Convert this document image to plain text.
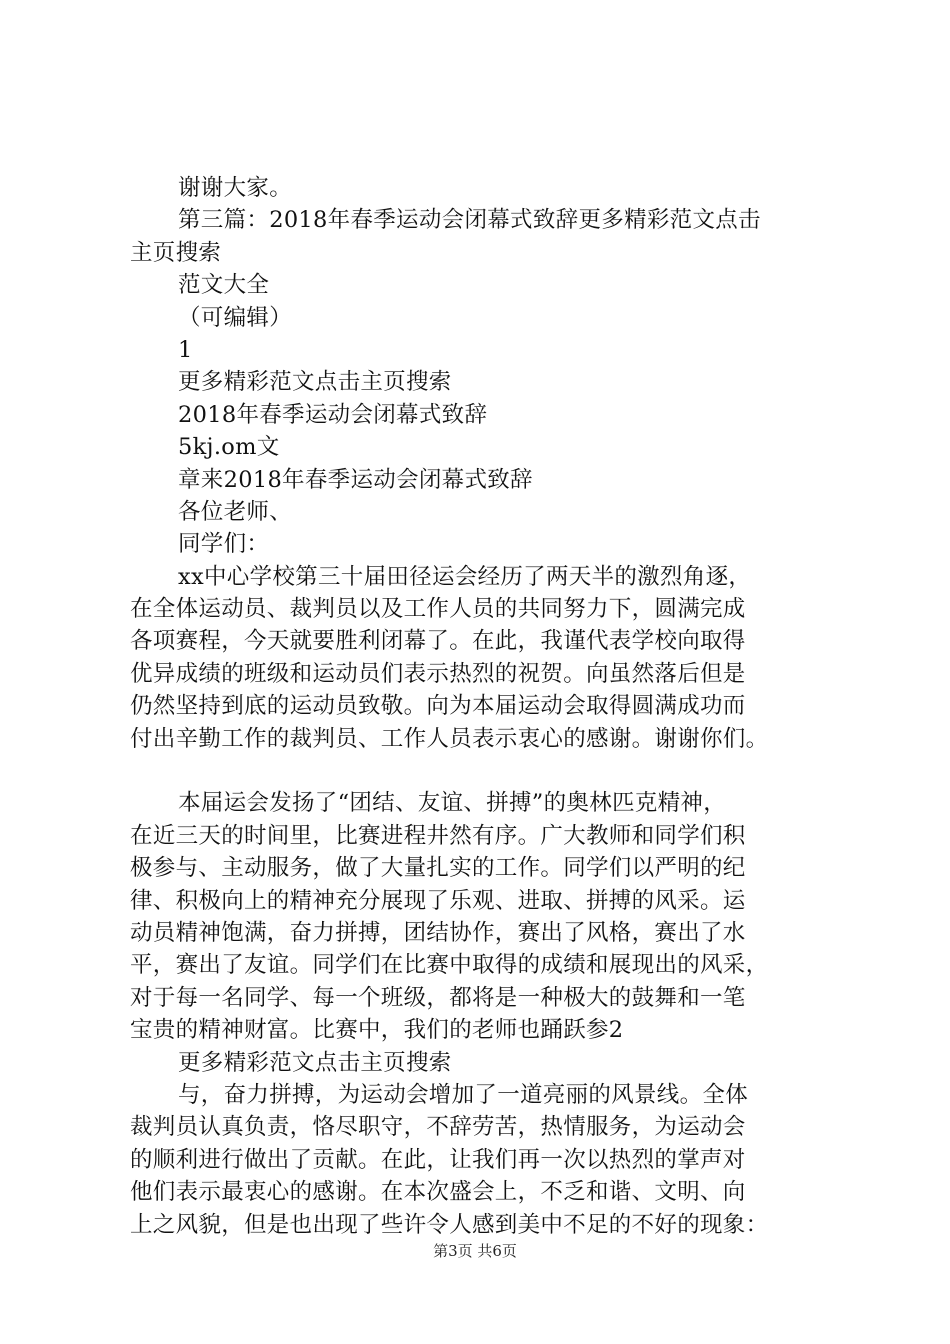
谢谢大家。
第三篇：2018年春季运动会闭幕式致辞更多精彩范文点击
主页搜索
范文大全
（可编辑）
1
更多精彩范文点击主页搜索
2018年春季运动会闭幕式致辞
5kj.om文
章来2018年春季运动会闭幕式致辞
各位老师、
同学们：
xx中心学校第三十届田径运会经历了两天半的激烈角逐，
在全体运动员、裁判员以及工作人员的共同努力下，圆满完成
各项赛程，今天就要胜利闭幕了。在此，我谨代表学校向取得
优异成绩的班级和运动员们表示热烈的祝贺。向虽然落后但是
仍然坚持到底的运动员致敬。向为本届运动会取得圆满成功而
付出辛勤工作的裁判员、工作人员表示衷心的感谢。谢谢你们。
本届运会发扬了“团结、友谊、拼搏”的奥林匹克精神，
在近三天的时间里，比赛进程井然有序。广大教师和同学们积
极参与、主动服务，做了大量扎实的工作。同学们以严明的纪
律、积极向上的精神充分展现了乐观、进取、拼搏的风采。运
动员精神饱满，奋力拼搏，团结协作，赛出了风格，赛出了水
平，赛出了友谊。同学们在比赛中取得的成绩和展现出的风采，
对于每一名同学、每一个班级，都将是一种极大的鼓舞和一笔
宝贵的精神财富。比赛中，我们的老师也踊跃参2
更多精彩范文点击主页搜索
与，奋力拼搏，为运动会增加了一道亮丽的风景线。全体
裁判员认真负责，恪尽职守，不辞劳苦，热情服务，为运动会
的顺利进行做出了贡献。在此，让我们再一次以热烈的掌声对
他们表示最衷心的感谢。在本次盛会上，不乏和谐、文明、向
上之风貌，但是也出现了些许令人感到美中不足的不好的现象：
第3页 共6页
